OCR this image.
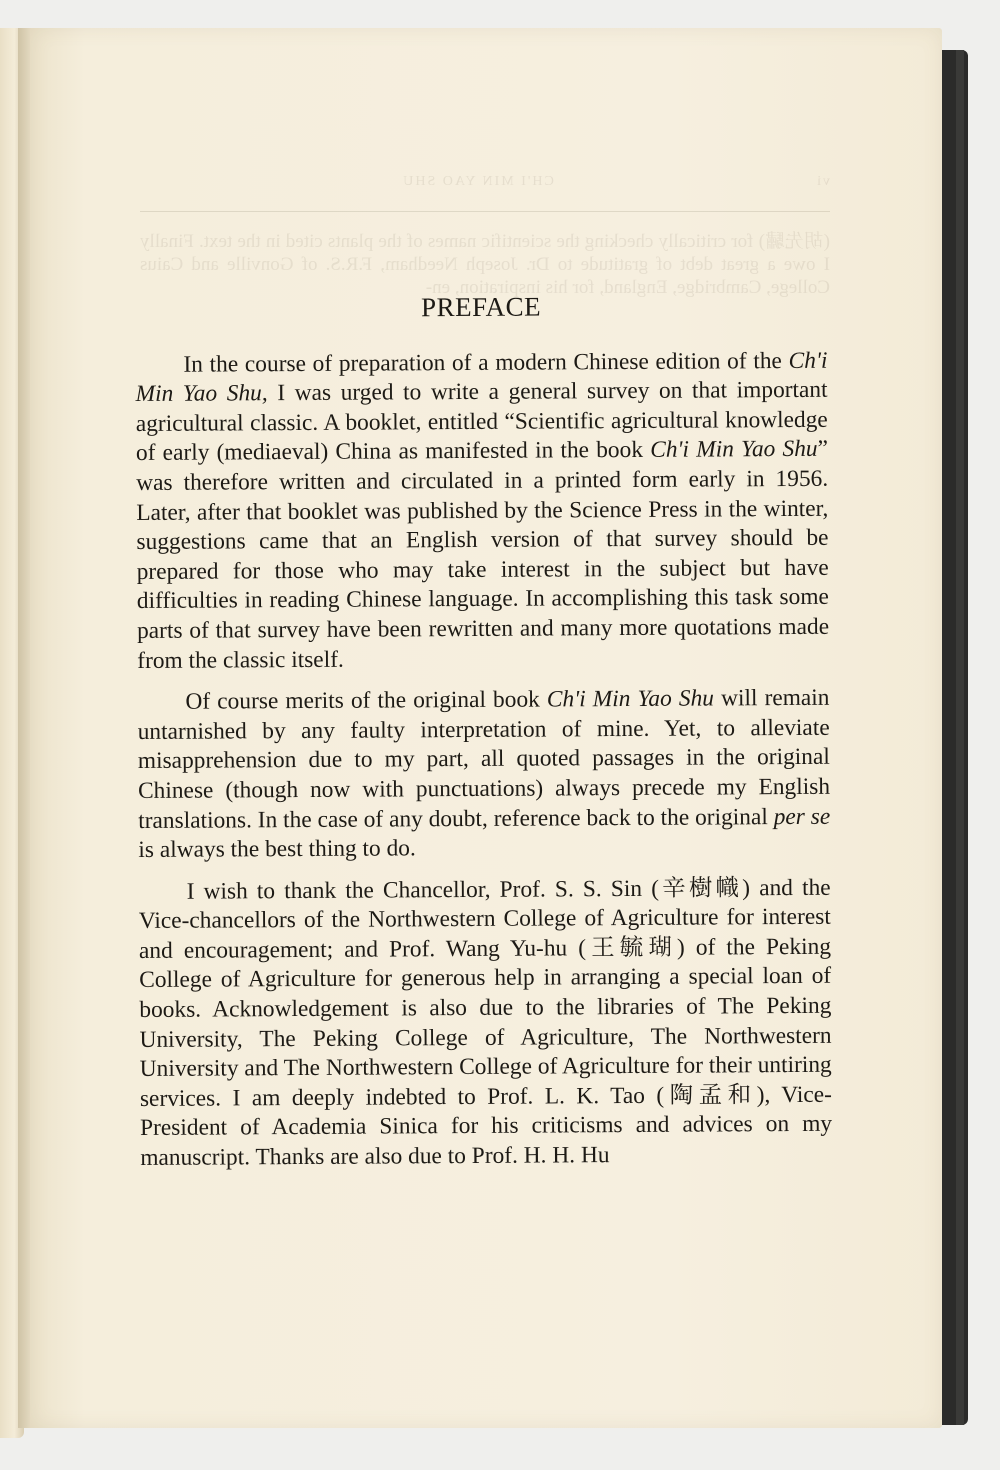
PREFACE

In the course of preparation of a modern Chinese edition of the Ch'i Min Yao Shu, I was urged to write a general survey on that important agricultural classic. A booklet, entitled “Scientific agricultural knowledge of early (mediaeval) China as manifested in the book Ch'i Min Yao Shu” was therefore written and circulated in a printed form early in 1956. Later, after that booklet was published by the Science Press in the winter, suggestions came that an English version of that survey should be prepared for those who may take interest in the subject but have difficulties in reading Chinese language. In accomplishing this task some parts of that survey have been rewritten and many more quotations made from the classic itself.

Of course merits of the original book Ch'i Min Yao Shu will remain untarnished by any faulty interpretation of mine. Yet, to alleviate misapprehension due to my part, all quoted passages in the original Chinese (though now with punctuations) always precede my English translations. In the case of any doubt, reference back to the original per se is always the best thing to do.

I wish to thank the Chancellor, Prof. S. S. Sin (辛樹幟) and the Vice-chancellors of the Northwestern College of Agriculture for interest and encouragement; and Prof. Wang Yu-hu (王毓瑚) of the Peking College of Agriculture for generous help in arranging a special loan of books. Acknowledgement is also due to the libraries of The Peking University, The Peking College of Agriculture, The Northwestern University and The Northwestern College of Agriculture for their untiring services. I am deeply indebted to Prof. L. K. Tao (陶孟和), Vice-President of Academia Sinica for his criticisms and advices on my manuscript. Thanks are also due to Prof. H. H. Hu
